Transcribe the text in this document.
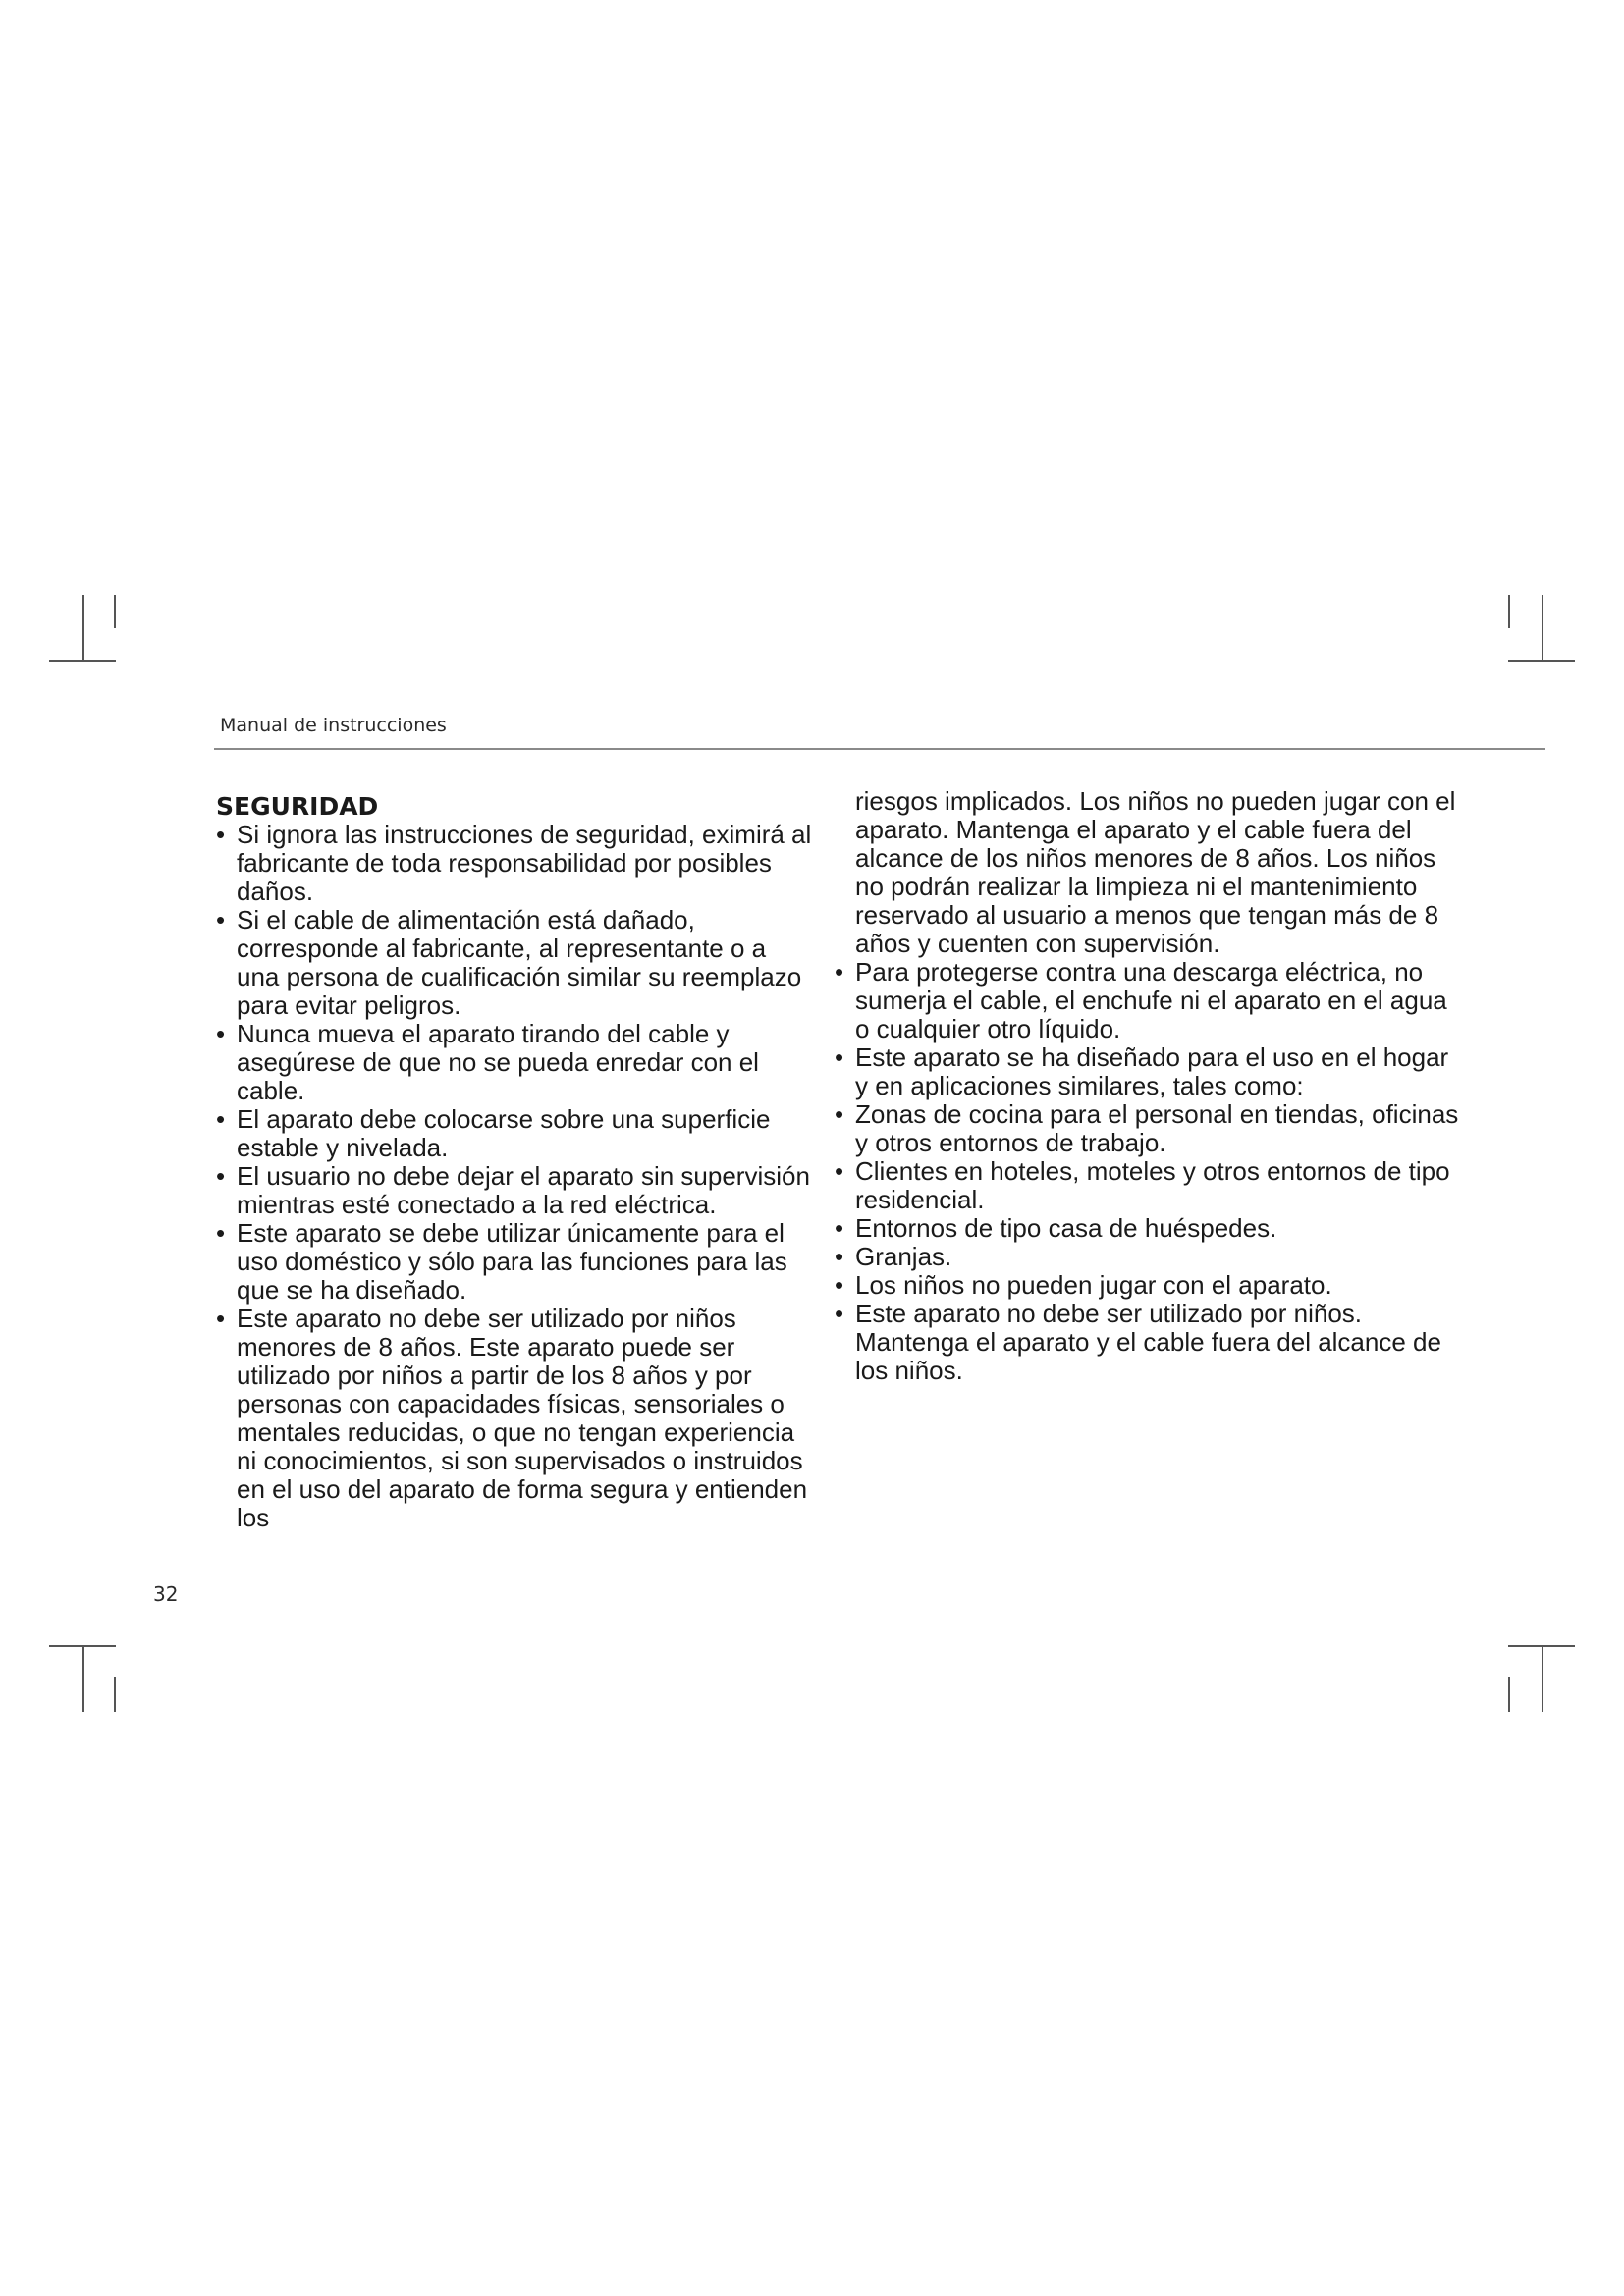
Manual de instrucciones
SEGURIDAD
• Si ignora las instrucciones de seguridad, eximirá al fabricante de toda responsabilidad por posibles daños.
• Si el cable de alimentación está dañado, corresponde al fabricante, al representante o a una persona de cualificación similar su reemplazo para evitar peligros.
• Nunca mueva el aparato tirando del cable y asegúrese de que no se pueda enredar con el cable.
• El aparato debe colocarse sobre una superficie estable y nivelada.
• El usuario no debe dejar el aparato sin supervisión mientras esté conectado a la red eléctrica.
• Este aparato se debe utilizar únicamente para el uso doméstico y sólo para las funciones para las que se ha diseñado.
• Este aparato no debe ser utilizado por niños menores de 8 años. Este aparato puede ser utilizado por niños a partir de los 8 años y por personas con capacidades físicas, sensoriales o mentales reducidas, o que no tengan experiencia ni conocimientos, si son supervisados o instruidos en el uso del aparato de forma segura y entienden los
riesgos implicados. Los niños no pueden jugar con el aparato. Mantenga el aparato y el cable fuera del alcance de los niños menores de 8 años. Los niños no podrán realizar la limpieza ni el mantenimiento reservado al usuario a menos que tengan más de 8 años y cuenten con supervisión.
• Para protegerse contra una descarga eléctrica, no sumerja el cable, el enchufe ni el aparato en el agua o cualquier otro líquido.
• Este aparato se ha diseñado para el uso en el hogar y en aplicaciones similares, tales como:
• Zonas de cocina para el personal en tiendas, oficinas y otros entornos de trabajo.
• Clientes en hoteles, moteles y otros entornos de tipo residencial.
• Entornos de tipo casa de huéspedes.
• Granjas.
• Los niños no pueden jugar con el aparato.
• Este aparato no debe ser utilizado por niños. Mantenga el aparato y el cable fuera del alcance de los niños.
32
